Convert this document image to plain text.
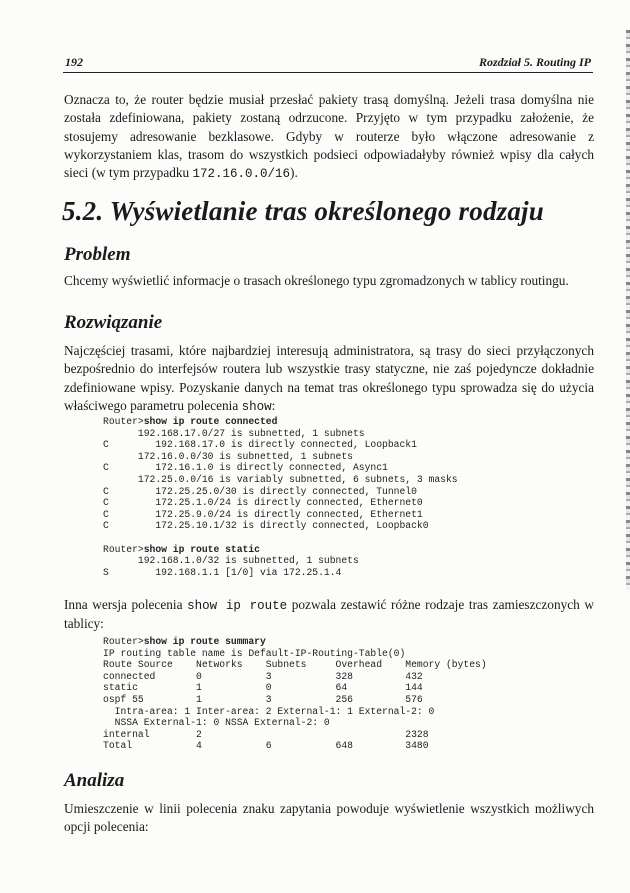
192	Rozdział 5. Routing IP

Oznacza to, że router będzie musiał przesłać pakiety trasą domyślną. Jeżeli trasa domyślna nie została zdefiniowana, pakiety zostaną odrzucone. Przyjęto w tym przypadku założenie, że stosujemy adresowanie bezklasowe. Gdyby w routerze było włączone adresowanie z wykorzystaniem klas, trasom do wszystkich podsieci odpowiadałyby również wpisy dla całych sieci (w tym przypadku 172.16.0.0/16).

5.2. Wyświetlanie tras określonego rodzaju
Problem

Chcemy wyświetlić informacje o trasach określonego typu zgromadzonych w tablicy routingu.

Rozwiązanie

Najczęściej trasami, które najbardziej interesują administratora, są trasy do sieci przyłączonych bezpośrednio do interfejsów routera lub wszystkie trasy statyczne, nie zaś pojedyncze dokładnie zdefiniowane wpisy. Pozyskanie danych na temat tras określonego typu sprowadza się do użycia właściwego parametru polecenia show:

Router>show ip route connected
192.168.17.0/27 is subnetted, 1 subnets
C        192.168.17.0 is directly connected, Loopback1
172.16.0.0/30 is subnetted, 1 subnets
C        172.16.1.0 is directly connected, Async1
172.25.0.0/16 is variably subnetted, 6 subnets, 3 masks
C        172.25.25.0/30 is directly connected, Tunnel0
C        172.25.1.0/24 is directly connected, Ethernet0
C        172.25.9.0/24 is directly connected, Ethernet1
C        172.25.10.1/32 is directly connected, Loopback0

Router>show ip route static
192.168.1.0/32 is subnetted, 1 subnets
S        192.168.1.1 [1/0] via 172.25.1.4

Inna wersja polecenia show ip route pozwala zestawić różne rodzaje tras zamieszczonych w tablicy:

Router>show ip route summary
IP routing table name is Default-IP-Routing-Table(0)
Route Source    Networks    Subnets     Overhead    Memory (bytes)
connected       0           3           328         432
static          1           0           64          144
ospf 55         1           3           256         576
Intra-area: 1 Inter-area: 2 External-1: 1 External-2: 0
NSSA External-1: 0 NSSA External-2: 0
internal        2                                   2328
Total           4           6           648         3480
Analiza

Umieszczenie w linii polecenia znaku zapytania powoduje wyświetlenie wszystkich możliwych opcji polecenia:
